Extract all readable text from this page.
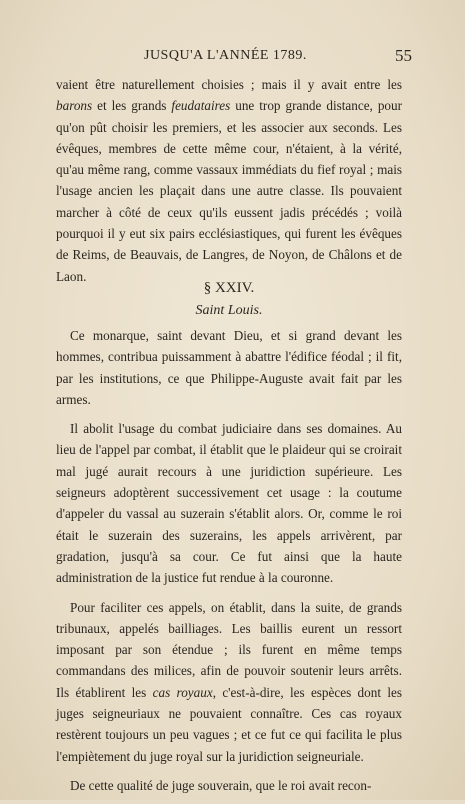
JUSQU'A L'ANNÉE 1789.	55
vaient être naturellement choisies ; mais il y avait entre les barons et les grands feudataires une trop grande distance, pour qu'on pût choisir les premiers, et les associer aux seconds. Les évêques, membres de cette même cour, n'étaient, à la vérité, qu'au même rang, comme vassaux immédiats du fief royal ; mais l'usage ancien les plaçait dans une autre classe. Ils pouvaient marcher à côté de ceux qu'ils eussent jadis précédés ; voilà pourquoi il y eut six pairs ecclésiastiques, qui furent les évêques de Reims, de Beauvais, de Langres, de Noyon, de Châlons et de Laon.
§ XXIV.
Saint Louis.

Ce monarque, saint devant Dieu, et si grand devant les hommes, contribua puissamment à abattre l'édifice féodal ; il fit, par les institutions, ce que Philippe-Auguste avait fait par les armes.

Il abolit l'usage du combat judiciaire dans ses domaines. Au lieu de l'appel par combat, il établit que le plaideur qui se croirait mal jugé aurait recours à une juridiction supérieure. Les seigneurs adoptèrent successivement cet usage : la coutume d'appeler du vassal au suzerain s'établit alors. Or, comme le roi était le suzerain des suzerains, les appels arrivèrent, par gradation, jusqu'à sa cour. Ce fut ainsi que la haute administration de la justice fut rendue à la couronne.

Pour faciliter ces appels, on établit, dans la suite, de grands tribunaux, appelés bailliages. Les baillis eurent un ressort imposant par son étendue ; ils furent en même temps commandans des milices, afin de pouvoir soutenir leurs arrêts. Ils établirent les cas royaux, c'est-à-dire, les espèces dont les juges seigneuriaux ne pouvaient connaître. Ces cas royaux restèrent toujours un peu vagues ; et ce fut ce qui facilita le plus l'empiètement du juge royal sur la juridiction seigneuriale.

De cette qualité de juge souverain, que le roi avait recon-
